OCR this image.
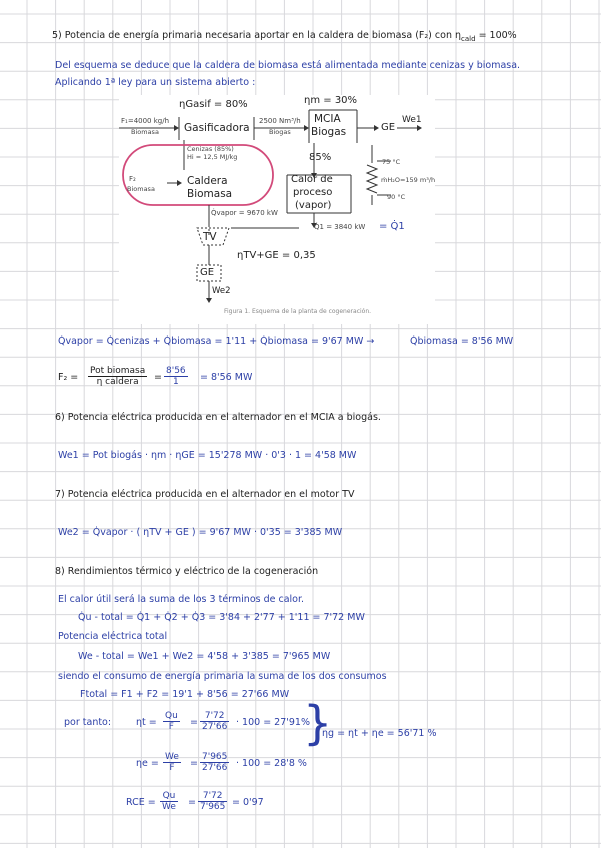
5) Potencia de energía primaria necesaria aportar en la caldera de biomasa (F₂) con $\eta_{cald} = 100\%$
Del esquema se deduce que la caldera de biomasa está alimentada mediante cenizas y biomasa.
Aplicando 1ª ley para un sistema abierto :
ηGasif = 80%	ηm = 30%
F₁=4000 kg/h
Biomasa Gasificadora
2500 Nm³/h
Biogas
MCIA
Biogas	GE
We1
Cenizas (85%)
Hi = 12,5 MJ/kg	85%
F₂
Biomasa
Caldera
Biomasa
Calor de
proceso
(vapor)
75 °C
ṁH₂O=159 m³/h
90 °C
Q̇vapor = 9670 kW
TV
Q̇1 = 3840 kW = Q̇1
ηTV+GE = 0,35
GE
We2
Figura 1. Esquema de la planta de cogeneración.
Q̇vapor = Q̇cenizas + Q̇biomasa = 1'11 + Q̇biomasa = 9'67 MW →	Q̇biomasa = 8'56 MW
F₂ =
Pot biomasa
η caldera	= $\frac{8'56}{1} = 8'56$ MW
6) Potencia eléctrica producida en el alternador en el MCIA a biogás.
We1 = Pot biogás · ηm · ηGE = 15'278 MW · 0'3 · 1 = 4'58 MW
7) Potencia eléctrica producida en el alternador en el motor TV
We2 = Q̇vapor · ( ηTV + GE ) = 9'67 MW · 0'35 = 3'385 MW
8) Rendimientos térmico y eléctrico de la cogeneración
El calor útil será la suma de los 3 términos de calor.
Q̇u - total = Q̇1 + Q̇2 + Q̇3 = 3'84 + 2'77 + 1'11 = 7'72 MW
Potencia eléctrica total
We - total = We1 + We2 = 4'58 + 3'385 = 7'965 MW
siendo el consumo de energía primaria la suma de los dos consumos
Ftotal = F1 + F2 = 19'1 + 8'56 = 27'66 MW
por tanto:	$\eta t = \frac{Qu}{F} = \frac{7'72}{27'66} \cdot 100 = 27'91\%$
}
ηg = ηt + ηe = 56'71 %
$\eta e = \frac{We}{F} = \frac{7'965}{27'66} \cdot 100 = 28'8$ %
RCE = $\frac{Qu}{We} = \frac{7'72}{7'965} = 0'97$
